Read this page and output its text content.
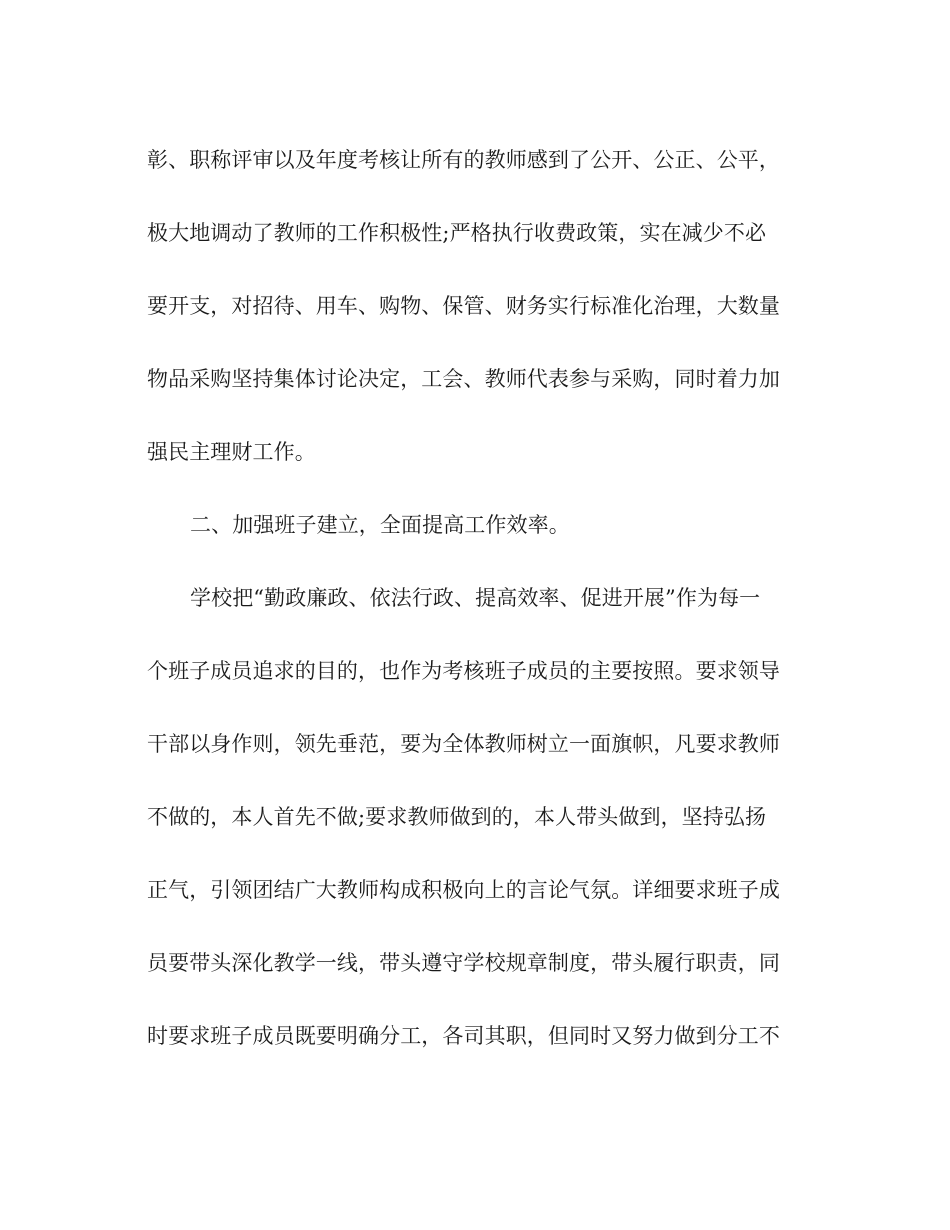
彰、职称评审以及年度考核让所有的教师感到了公开、公正、公平，
极大地调动了教师的工作积极性;严格执行收费政策，实在减少不必
要开支，对招待、用车、购物、保管、财务实行标准化治理，大数量
物品采购坚持集体讨论决定，工会、教师代表参与采购，同时着力加
强民主理财工作。
二、加强班子建立，全面提高工作效率。
学校把“勤政廉政、依法行政、提高效率、促进开展”作为每一
个班子成员追求的目的，也作为考核班子成员的主要按照。要求领导
干部以身作则，领先垂范，要为全体教师树立一面旗帜，凡要求教师
不做的，本人首先不做;要求教师做到的，本人带头做到，坚持弘扬
正气，引领团结广大教师构成积极向上的言论气氛。详细要求班子成
员要带头深化教学一线，带头遵守学校规章制度，带头履行职责，同
时要求班子成员既要明确分工，各司其职，但同时又努力做到分工不
